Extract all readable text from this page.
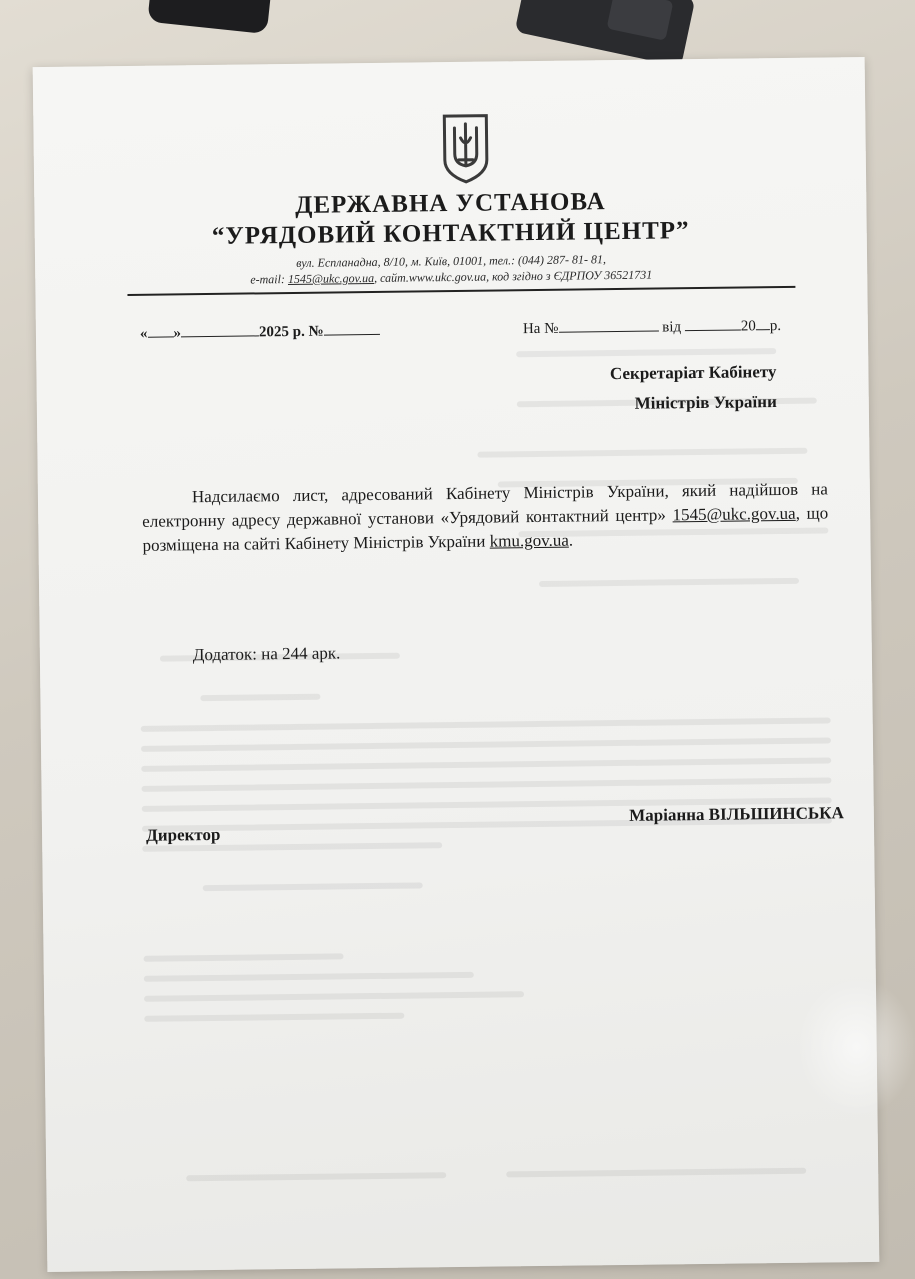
ДЕРЖАВНА УСТАНОВА
“УРЯДОВИЙ КОНТАКТНИЙ ЦЕНТР”
вул. Еспланадна, 8/10, м. Київ, 01001, тел.: (044) 287- 81- 81,
e-mail: 1545@ukc.gov.ua, сайт.www.ukc.gov.ua, код згідно з ЄДРПОУ 36521731
« »	2025 р. №	На №	від	20 р.
Секретаріат Кабінету
Міністрів України
Надсилаємо лист, адресований Кабінету Міністрів України, який надійшов на електронну адресу державної установи «Урядовий контактний центр» 1545@ukc.gov.ua, що розміщена на сайті Кабінету Міністрів України kmu.gov.ua.
Додаток: на 244 арк.
Директор
Маріанна ВІЛЬШИНСЬКА
